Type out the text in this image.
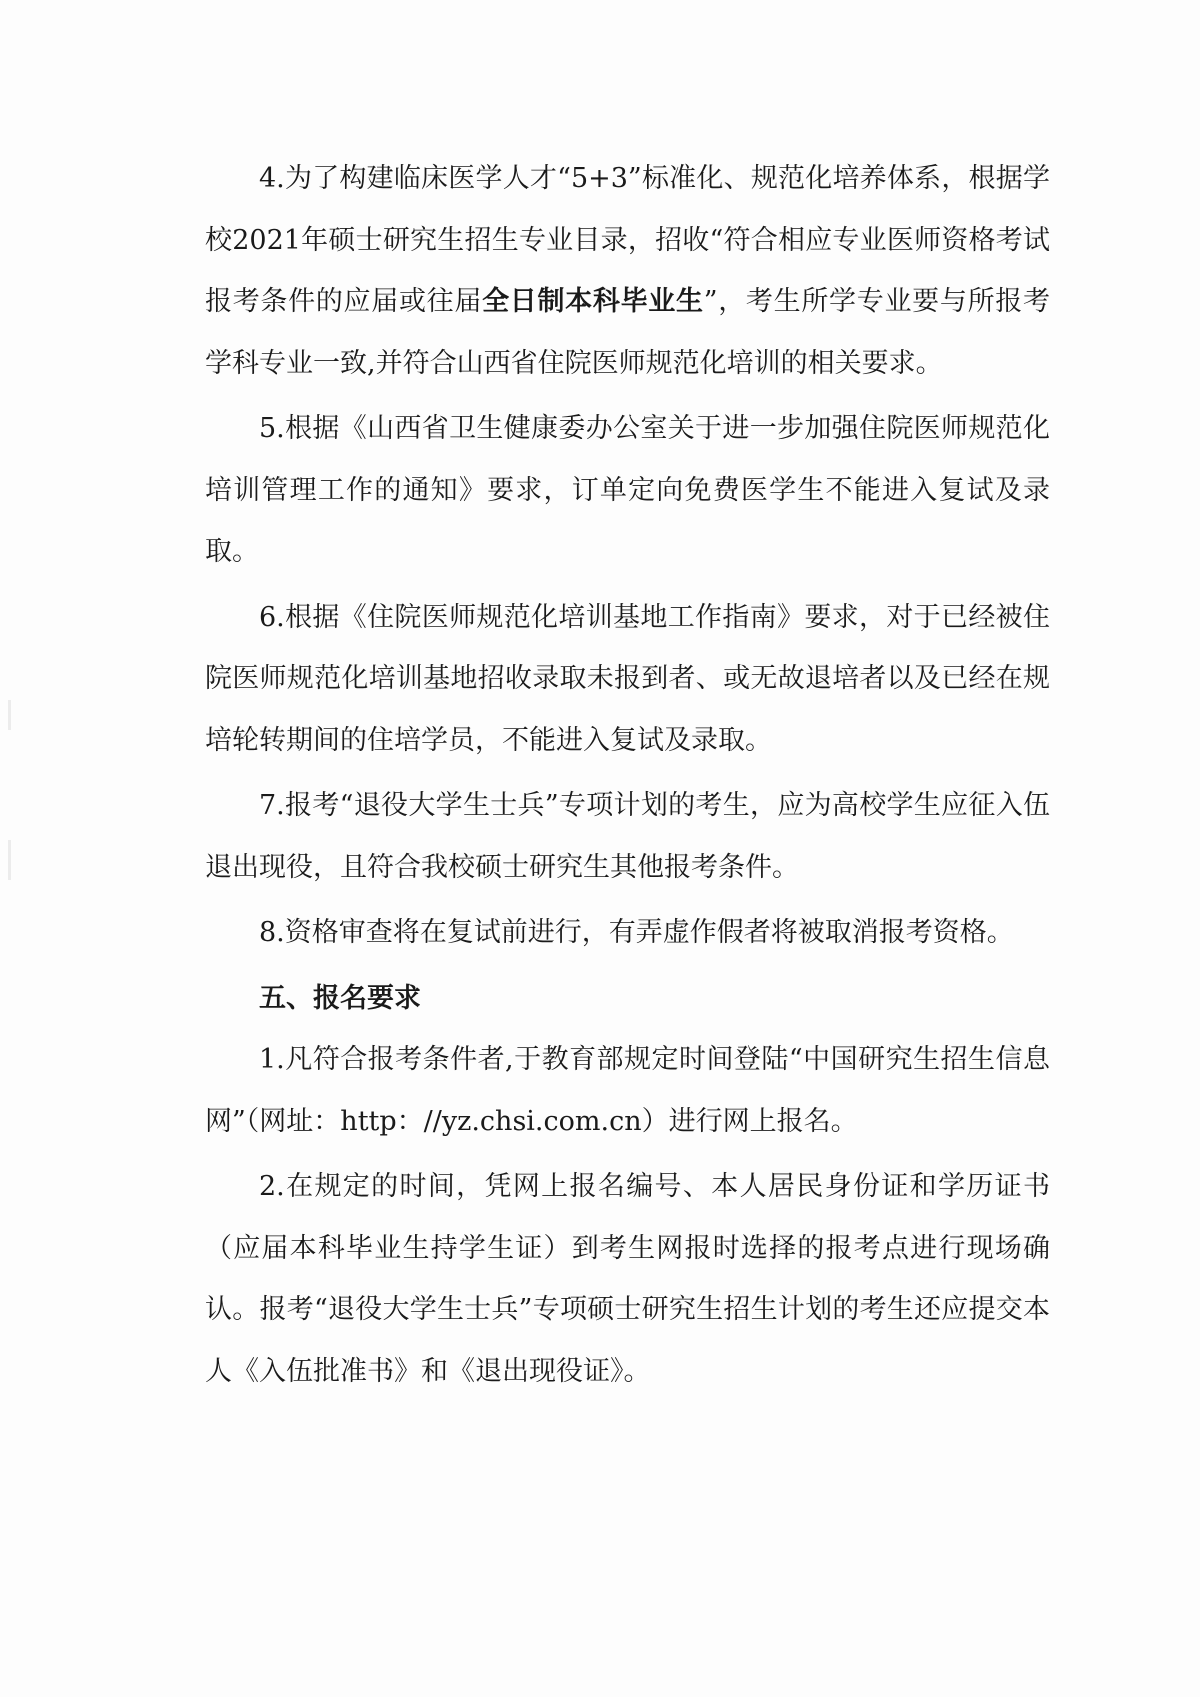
4.为了构建临床医学人才“5+3”标准化、规范化培养体系，根据学校2021年硕士研究生招生专业目录，招收“符合相应专业医师资格考试报考条件的应届或往届全日制本科毕业生”，考生所学专业要与所报考学科专业一致,并符合山西省住院医师规范化培训的相关要求。

5.根据《山西省卫生健康委办公室关于进一步加强住院医师规范化培训管理工作的通知》要求，订单定向免费医学生不能进入复试及录取。

6.根据《住院医师规范化培训基地工作指南》要求，对于已经被住院医师规范化培训基地招收录取未报到者、或无故退培者以及已经在规培轮转期间的住培学员，不能进入复试及录取。

7.报考“退役大学生士兵”专项计划的考生，应为高校学生应征入伍退出现役，且符合我校硕士研究生其他报考条件。

8.资格审查将在复试前进行，有弄虚作假者将被取消报考资格。

五、报名要求

1.凡符合报考条件者,于教育部规定时间登陆“中国研究生招生信息网”（网址：http：//yz.chsi.com.cn）进行网上报名。

2.在规定的时间，凭网上报名编号、本人居民身份证和学历证书（应届本科毕业生持学生证）到考生网报时选择的报考点进行现场确认。报考“退役大学生士兵”专项硕士研究生招生计划的考生还应提交本人《入伍批准书》和《退出现役证》。
